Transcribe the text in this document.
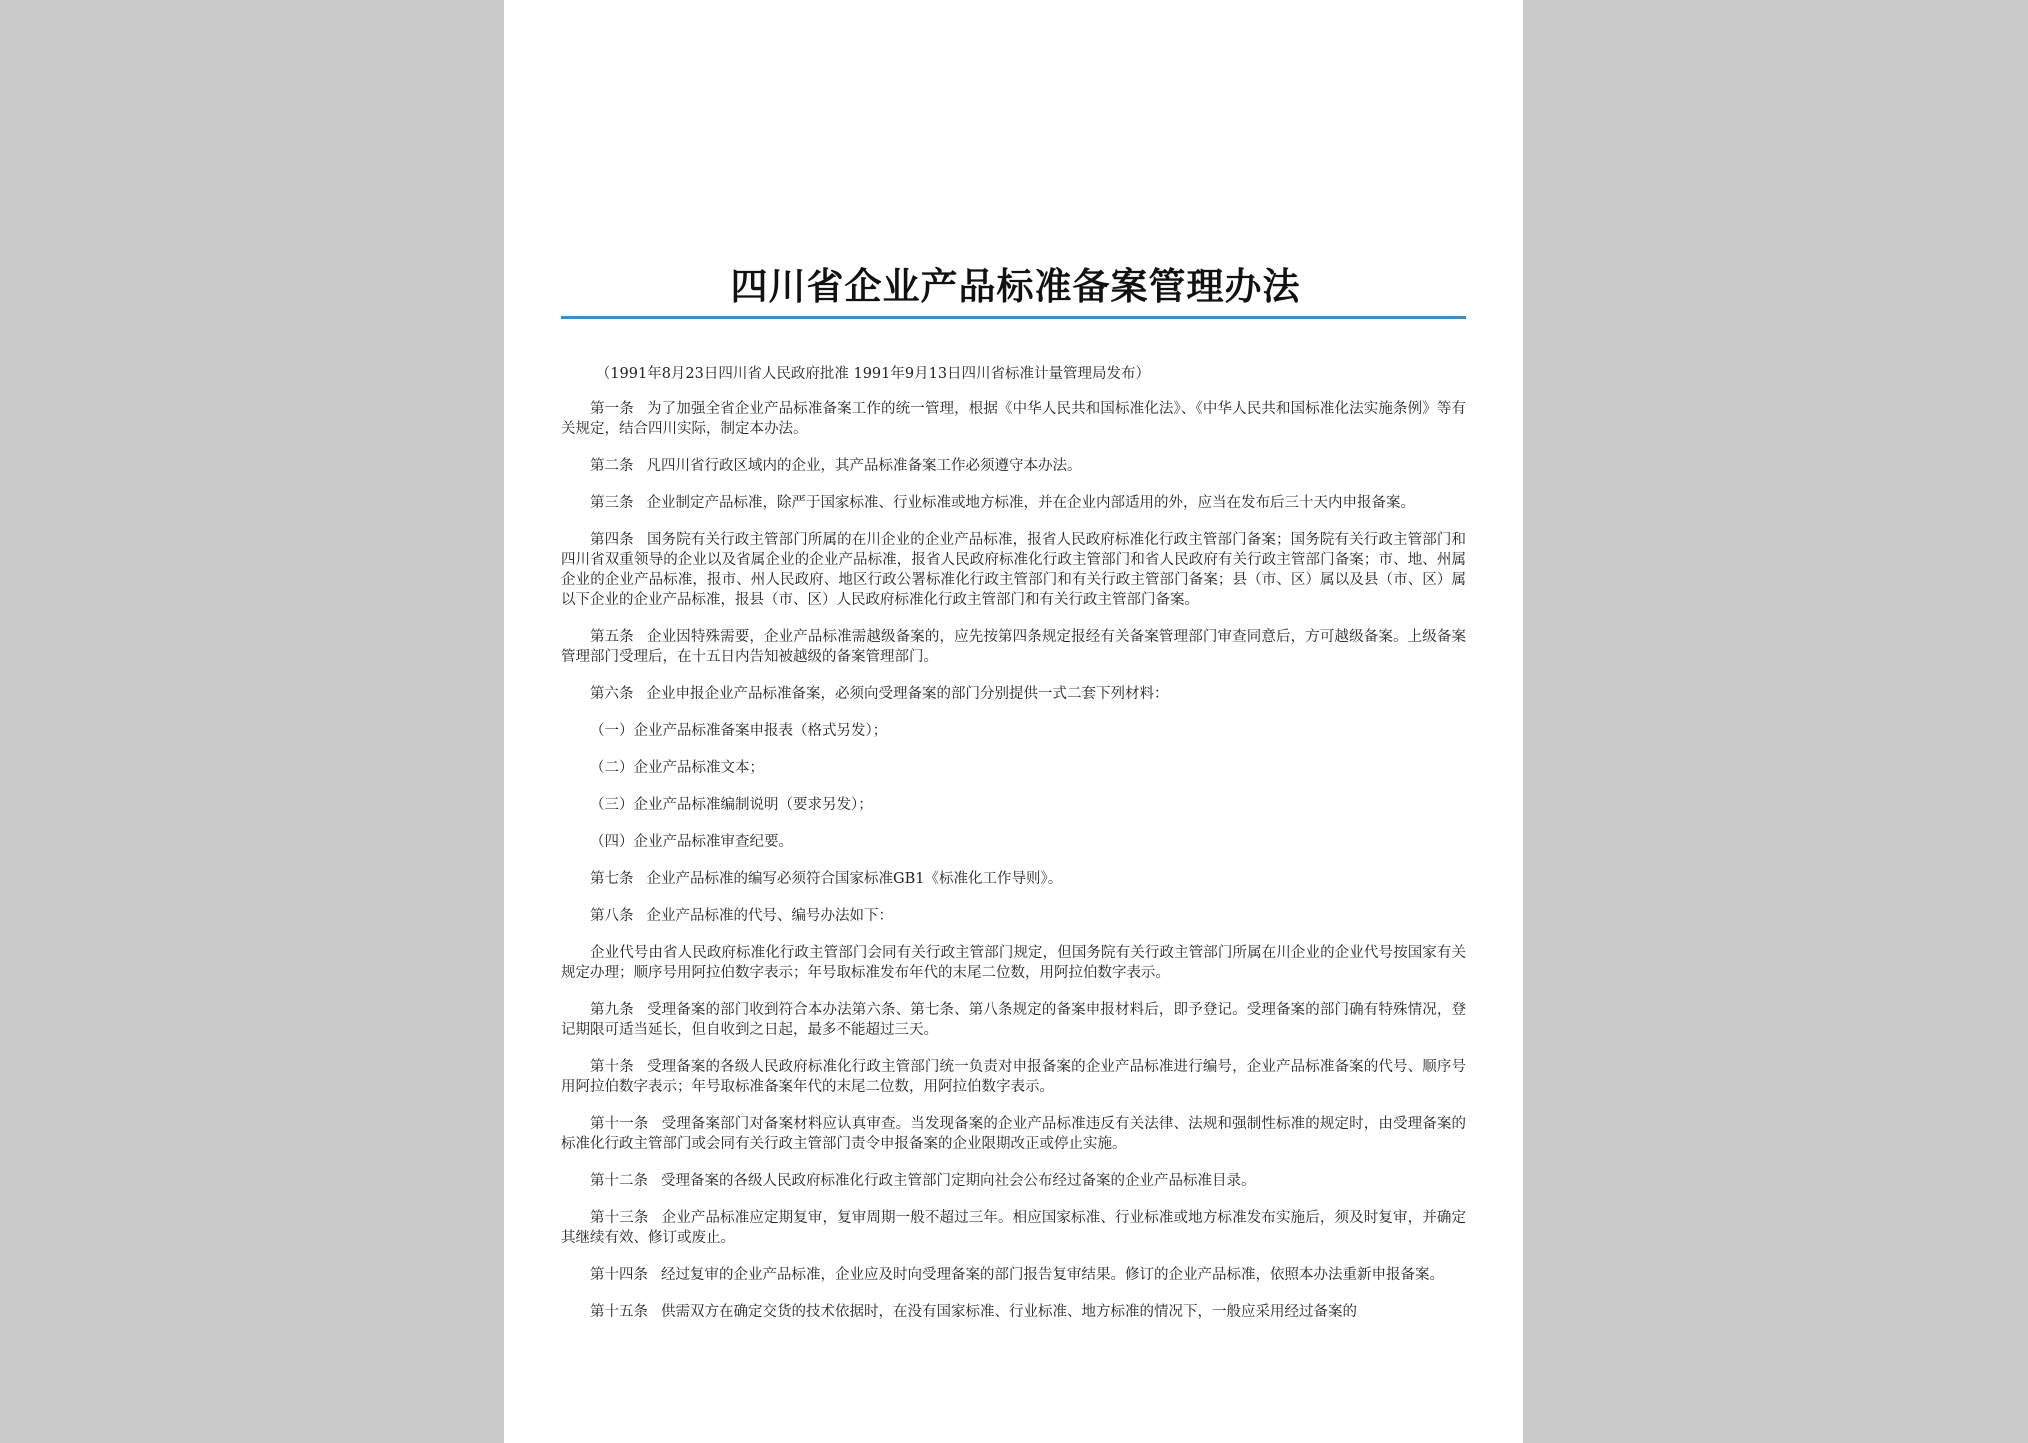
四川省企业产品标准备案管理办法

（1991年8月23日四川省人民政府批准 1991年9月13日四川省标准计量管理局发布）

第一条 为了加强全省企业产品标准备案工作的统一管理，根据《中华人民共和国标准化法》、《中华人民共和国标准化法实施条例》等有关规定，结合四川实际，制定本办法。

第二条 凡四川省行政区域内的企业，其产品标准备案工作必须遵守本办法。

第三条 企业制定产品标准，除严于国家标准、行业标准或地方标准，并在企业内部适用的外，应当在发布后三十天内申报备案。

第四条 国务院有关行政主管部门所属的在川企业的企业产品标准，报省人民政府标准化行政主管部门备案；国务院有关行政主管部门和四川省双重领导的企业以及省属企业的企业产品标准，报省人民政府标准化行政主管部门和省人民政府有关行政主管部门备案；市、地、州属企业的企业产品标准，报市、州人民政府、地区行政公署标准化行政主管部门和有关行政主管部门备案；县（市、区）属以及县（市、区）属以下企业的企业产品标准，报县（市、区）人民政府标准化行政主管部门和有关行政主管部门备案。

第五条 企业因特殊需要，企业产品标准需越级备案的，应先按第四条规定报经有关备案管理部门审查同意后，方可越级备案。上级备案管理部门受理后，在十五日内告知被越级的备案管理部门。

第六条 企业申报企业产品标准备案，必须向受理备案的部门分别提供一式二套下列材料：

（一）企业产品标准备案申报表（格式另发）；

（二）企业产品标准文本；

（三）企业产品标准编制说明（要求另发）；

（四）企业产品标准审查纪要。

第七条 企业产品标准的编写必须符合国家标准GB1《标准化工作导则》。

第八条 企业产品标准的代号、编号办法如下：

企业代号由省人民政府标准化行政主管部门会同有关行政主管部门规定，但国务院有关行政主管部门所属在川企业的企业代号按国家有关规定办理；顺序号用阿拉伯数字表示；年号取标准发布年代的末尾二位数，用阿拉伯数字表示。

第九条 受理备案的部门收到符合本办法第六条、第七条、第八条规定的备案申报材料后，即予登记。受理备案的部门确有特殊情况，登记期限可适当延长，但自收到之日起，最多不能超过三天。

第十条 受理备案的各级人民政府标准化行政主管部门统一负责对申报备案的企业产品标准进行编号，企业产品标准备案的代号、顺序号用阿拉伯数字表示；年号取标准备案年代的末尾二位数，用阿拉伯数字表示。

第十一条 受理备案部门对备案材料应认真审查。当发现备案的企业产品标准违反有关法律、法规和强制性标准的规定时，由受理备案的标准化行政主管部门或会同有关行政主管部门责令申报备案的企业限期改正或停止实施。

第十二条 受理备案的各级人民政府标准化行政主管部门定期向社会公布经过备案的企业产品标准目录。

第十三条 企业产品标准应定期复审，复审周期一般不超过三年。相应国家标准、行业标准或地方标准发布实施后，须及时复审，并确定其继续有效、修订或废止。

第十四条 经过复审的企业产品标准，企业应及时向受理备案的部门报告复审结果。修订的企业产品标准，依照本办法重新申报备案。

第十五条 供需双方在确定交货的技术依据时，在没有国家标准、行业标准、地方标准的情况下，一般应采用经过备案的
